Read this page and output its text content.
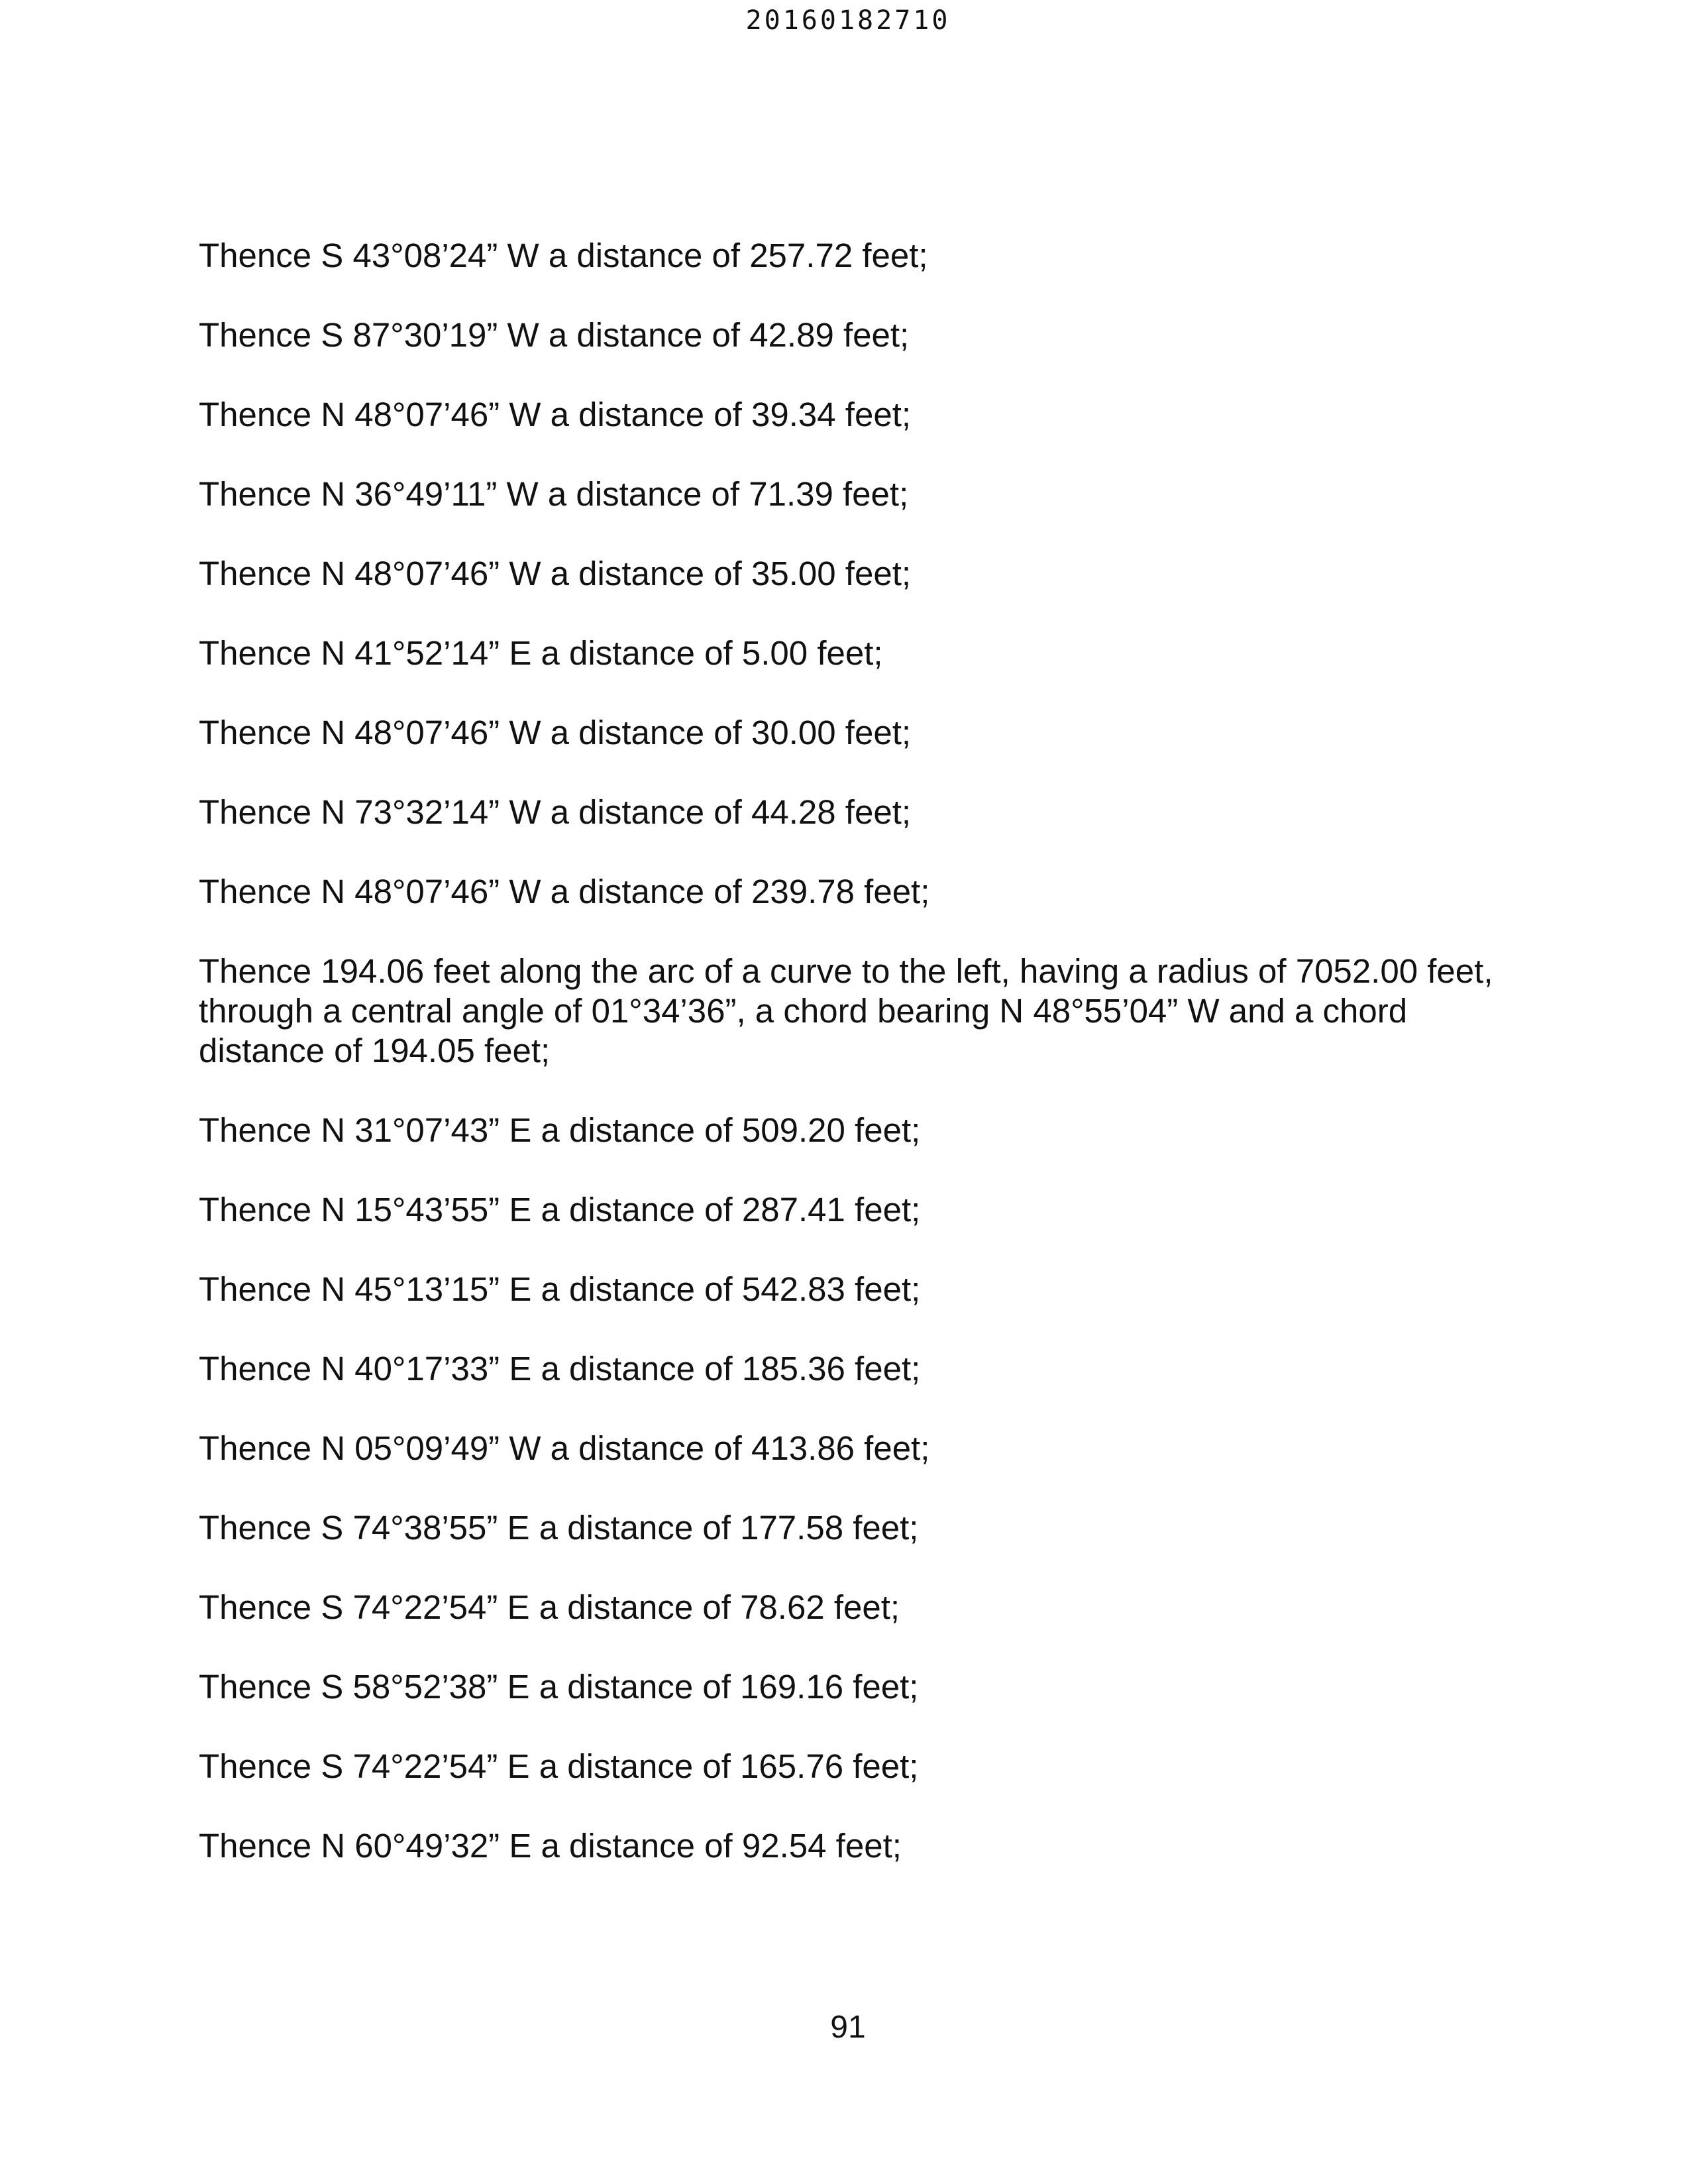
20160182710

Thence S 43°08’24” W a distance of 257.72 feet;

Thence S 87°30’19” W a distance of 42.89 feet;

Thence N 48°07’46” W a distance of 39.34 feet;

Thence N 36°49’11” W a distance of 71.39 feet;

Thence N 48°07’46” W a distance of 35.00 feet;

Thence N 41°52’14” E a distance of 5.00 feet;

Thence N 48°07’46” W a distance of 30.00 feet;

Thence N 73°32’14” W a distance of 44.28 feet;

Thence N 48°07’46” W a distance of 239.78 feet;

Thence 194.06 feet along the arc of a curve to the left, having a radius of 7052.00 feet, through a central angle of 01°34’36”, a chord bearing N 48°55’04” W and a chord distance of 194.05 feet;

Thence N 31°07’43” E a distance of 509.20 feet;

Thence N 15°43’55” E a distance of 287.41 feet;

Thence N 45°13’15” E a distance of 542.83 feet;

Thence N 40°17’33” E a distance of 185.36 feet;

Thence N 05°09’49” W a distance of 413.86 feet;

Thence S 74°38’55” E a distance of 177.58 feet;

Thence S 74°22’54” E a distance of 78.62 feet;

Thence S 58°52’38” E a distance of 169.16 feet;

Thence S 74°22’54” E a distance of 165.76 feet;

Thence N 60°49’32” E a distance of 92.54 feet;

91
